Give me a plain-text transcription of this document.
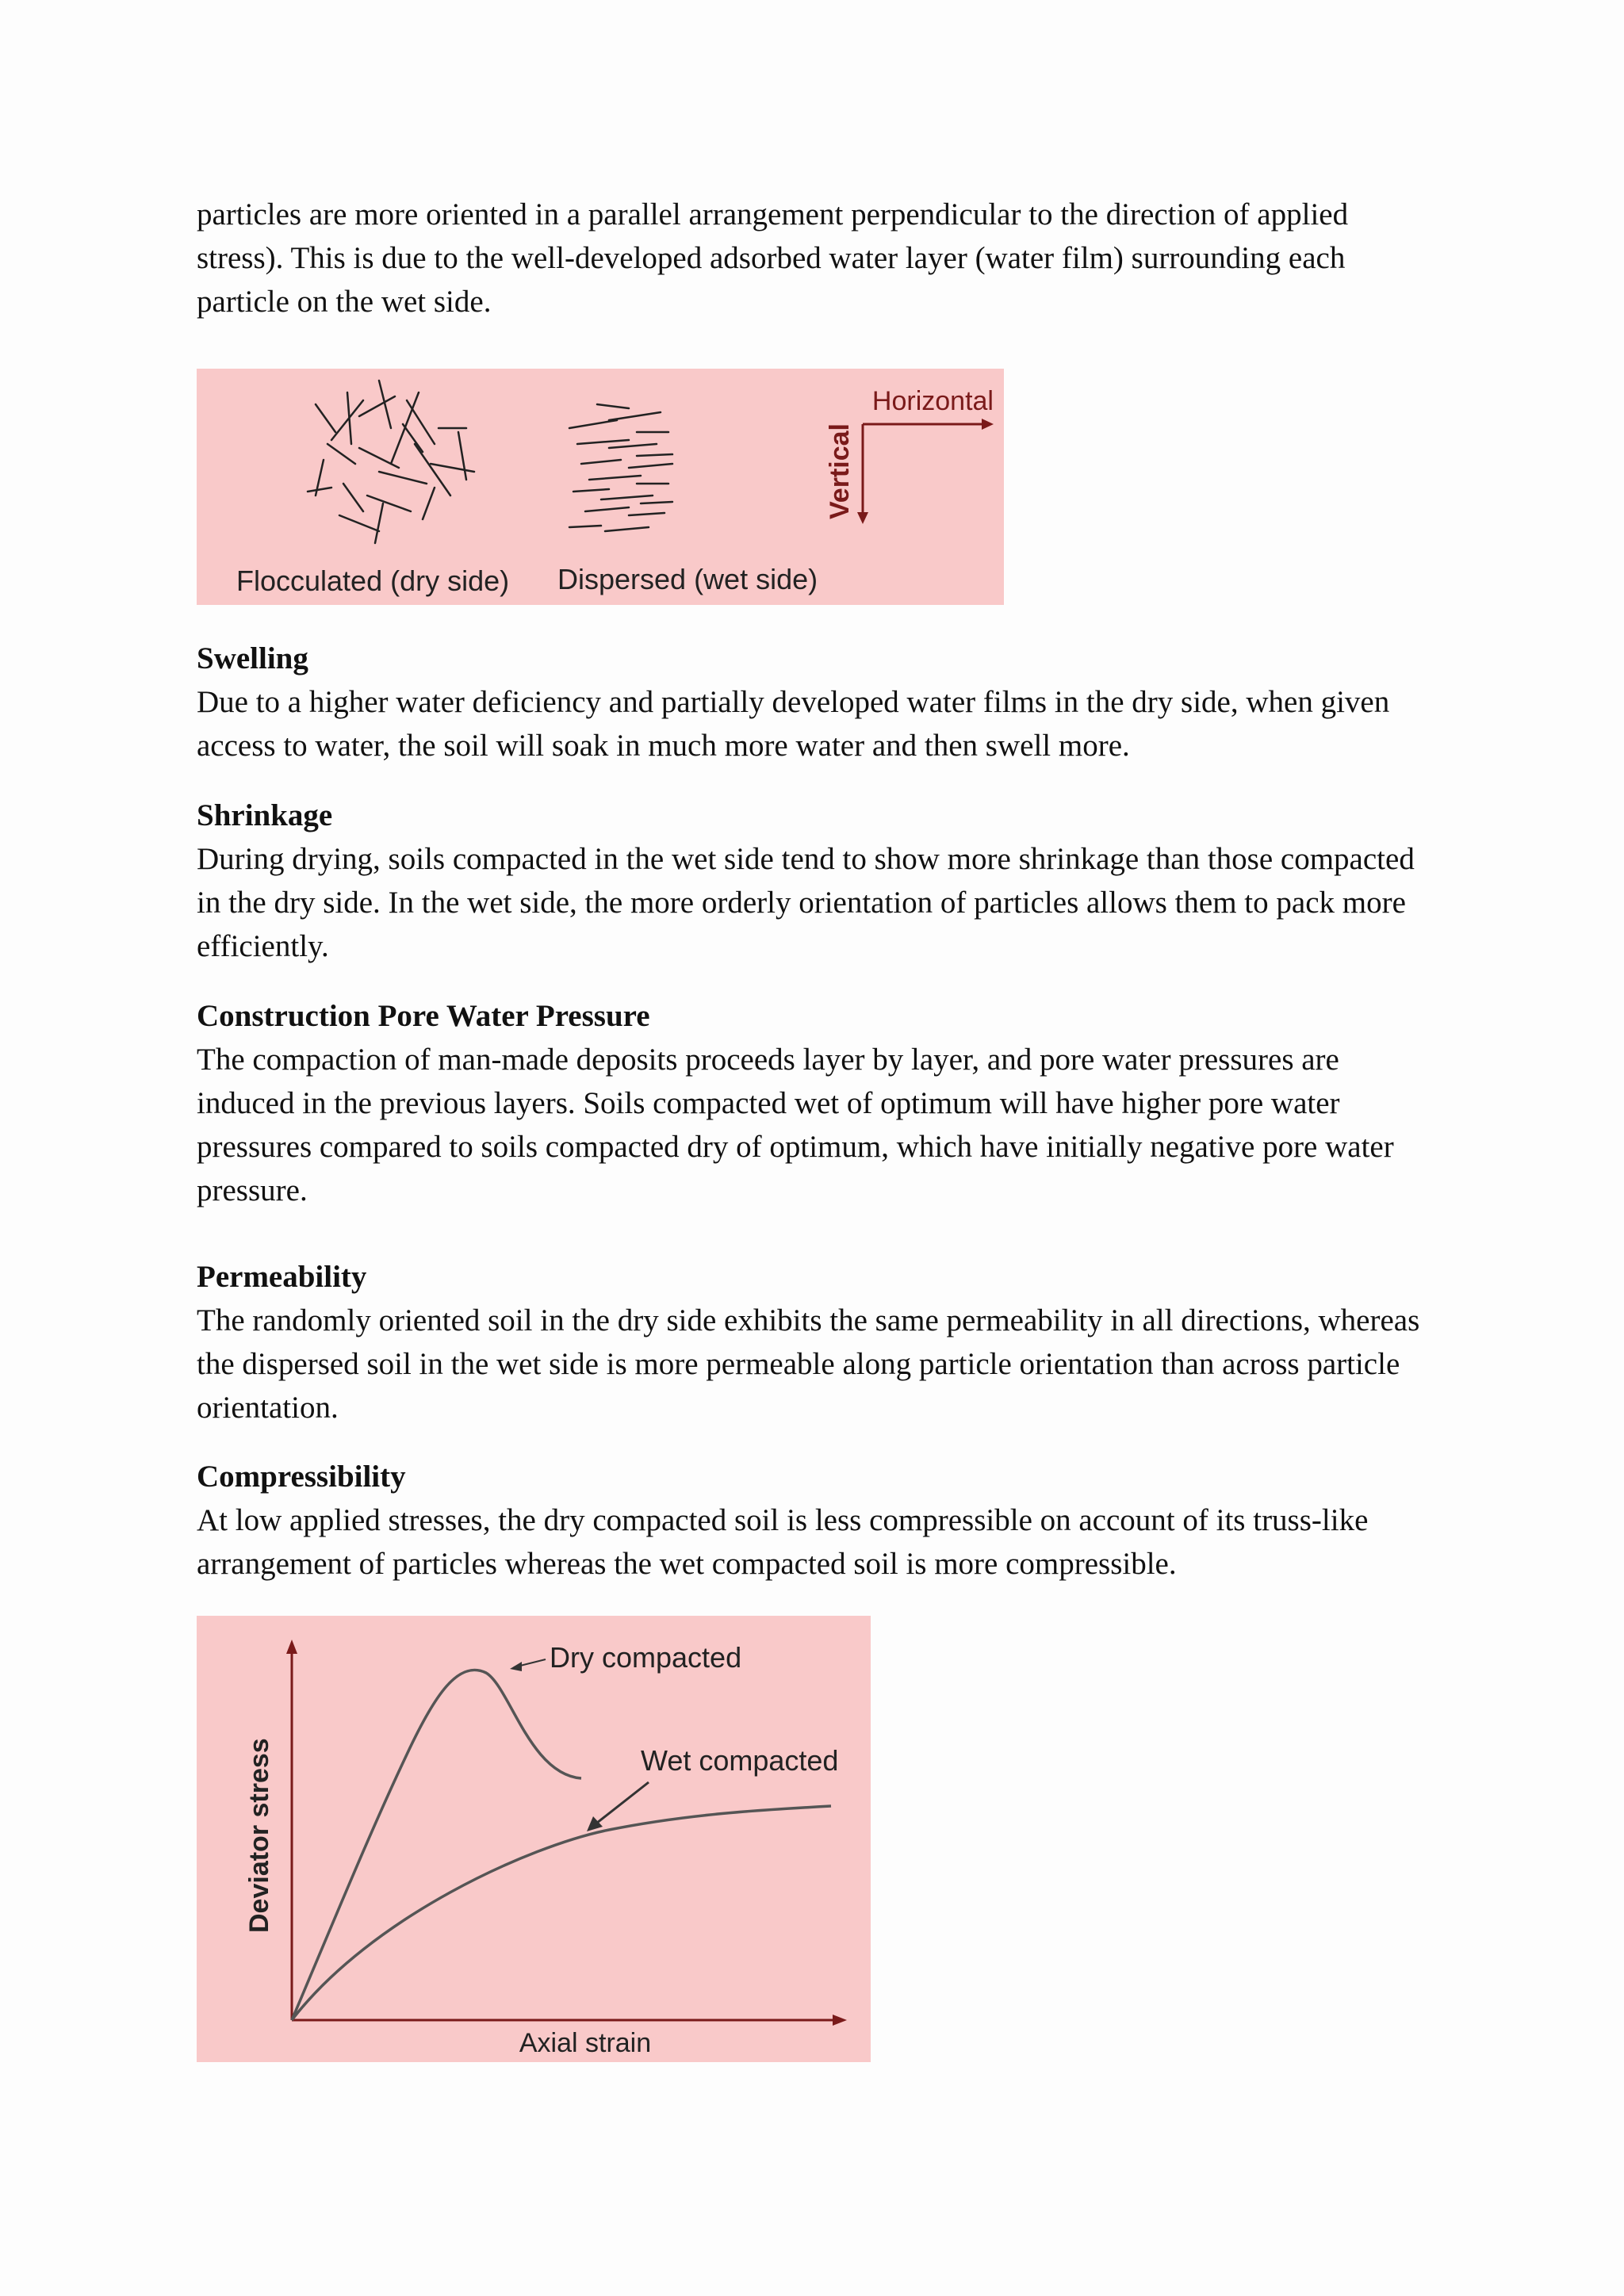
particles are more oriented in a parallel arrangement perpendicular to the direction of applied stress). This is due to the well-developed adsorbed water layer (water film) surrounding each particle on the wet side.

Horizontal
Vertical
Flocculated (dry side) Dispersed (wet side)

Swelling

Due to a higher water deficiency and partially developed water films in the dry side, when given access to water, the soil will soak in much more water and then swell more.

Shrinkage

During drying, soils compacted in the wet side tend to show more shrinkage than those compacted in the dry side. In the wet side, the more orderly orientation of particles allows them to pack more efficiently.

Construction Pore Water Pressure

The compaction of man-made deposits proceeds layer by layer, and pore water pressures are induced in the previous layers. Soils compacted wet of optimum will have higher pore water pressures compared to soils compacted dry of optimum, which have initially negative pore water pressure.

Permeability

The randomly oriented soil in the dry side exhibits the same permeability in all directions, whereas the dispersed soil in the wet side is more permeable along particle orientation than across particle orientation.

Compressibility

At low applied stresses, the dry compacted soil is less compressible on account of its truss-like arrangement of particles whereas the wet compacted soil is more compressible.

Dry compacted
Wet compacted
Deviator stress
Axial strain
